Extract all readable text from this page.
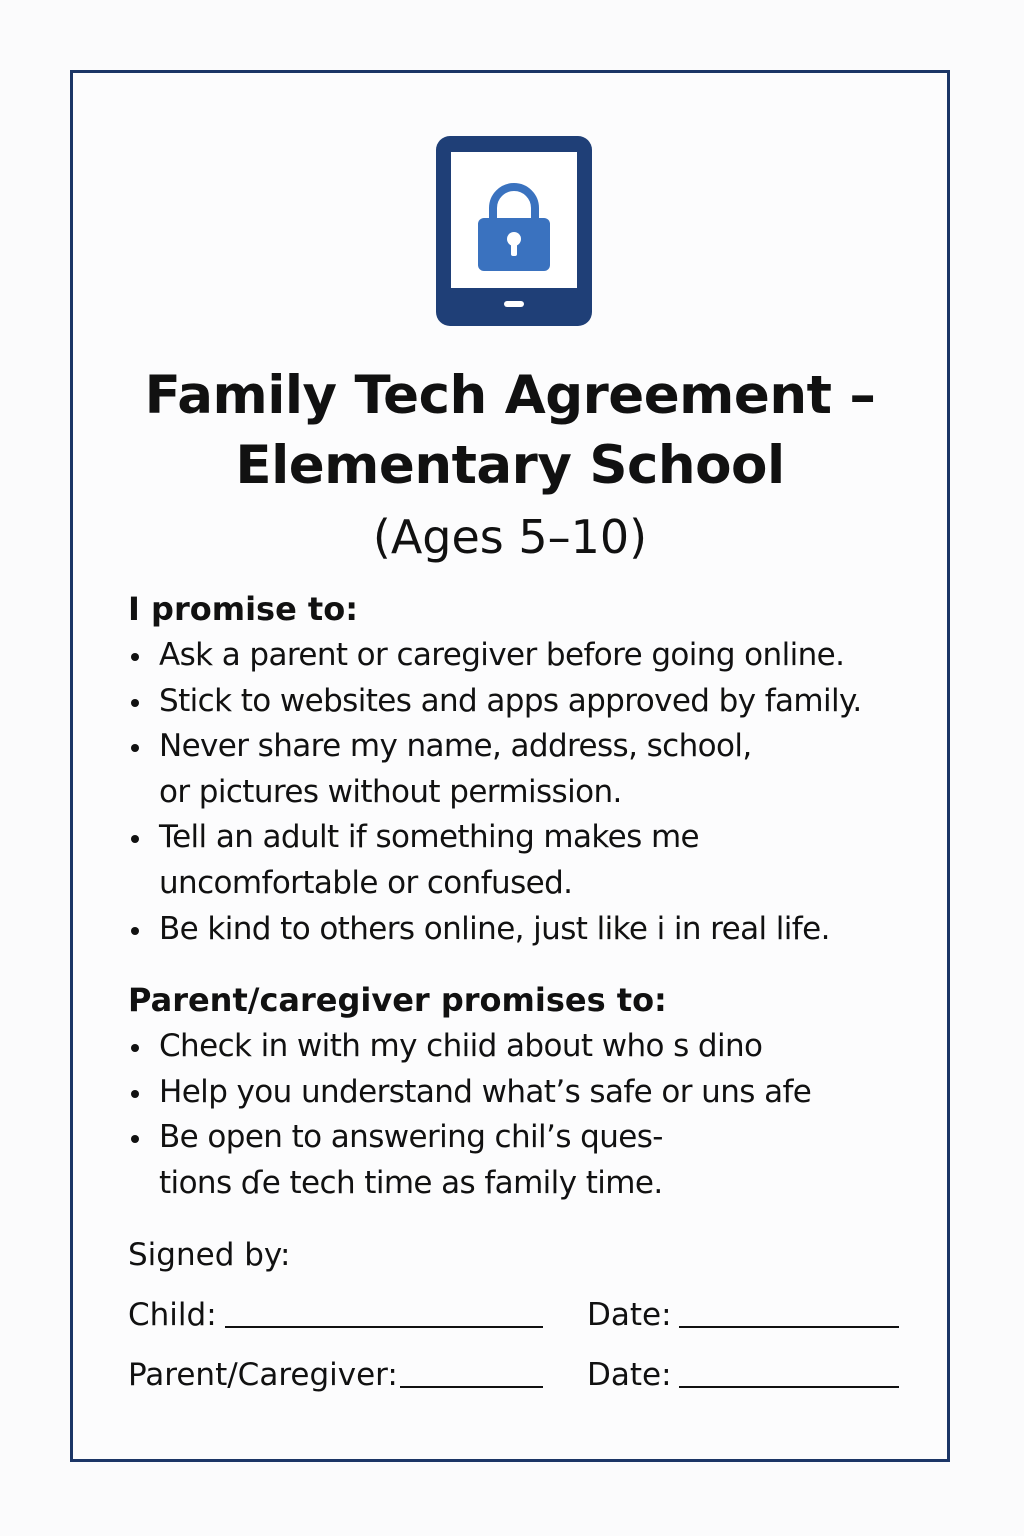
Family Tech Agreement –
Elementary School

(Ages 5–10)

I promise to:
Ask a parent or caregiver before going online.
Stick to websites and apps approved by family.
Never share my name, address, school,
or pictures without permission.
Tell an adult if something makes me
uncomfortable or confused.
Be kind to others online, just like i in real life.
Parent/caregiver promises to:
Check in with my chiid about who s dino
Help you understand what’s safe or uns afe
Be open to answering chil’s ques-
tions ɗe tech time as family time.

Signed by:

Child:	Date:
Parent/Caregiver:	Date:
